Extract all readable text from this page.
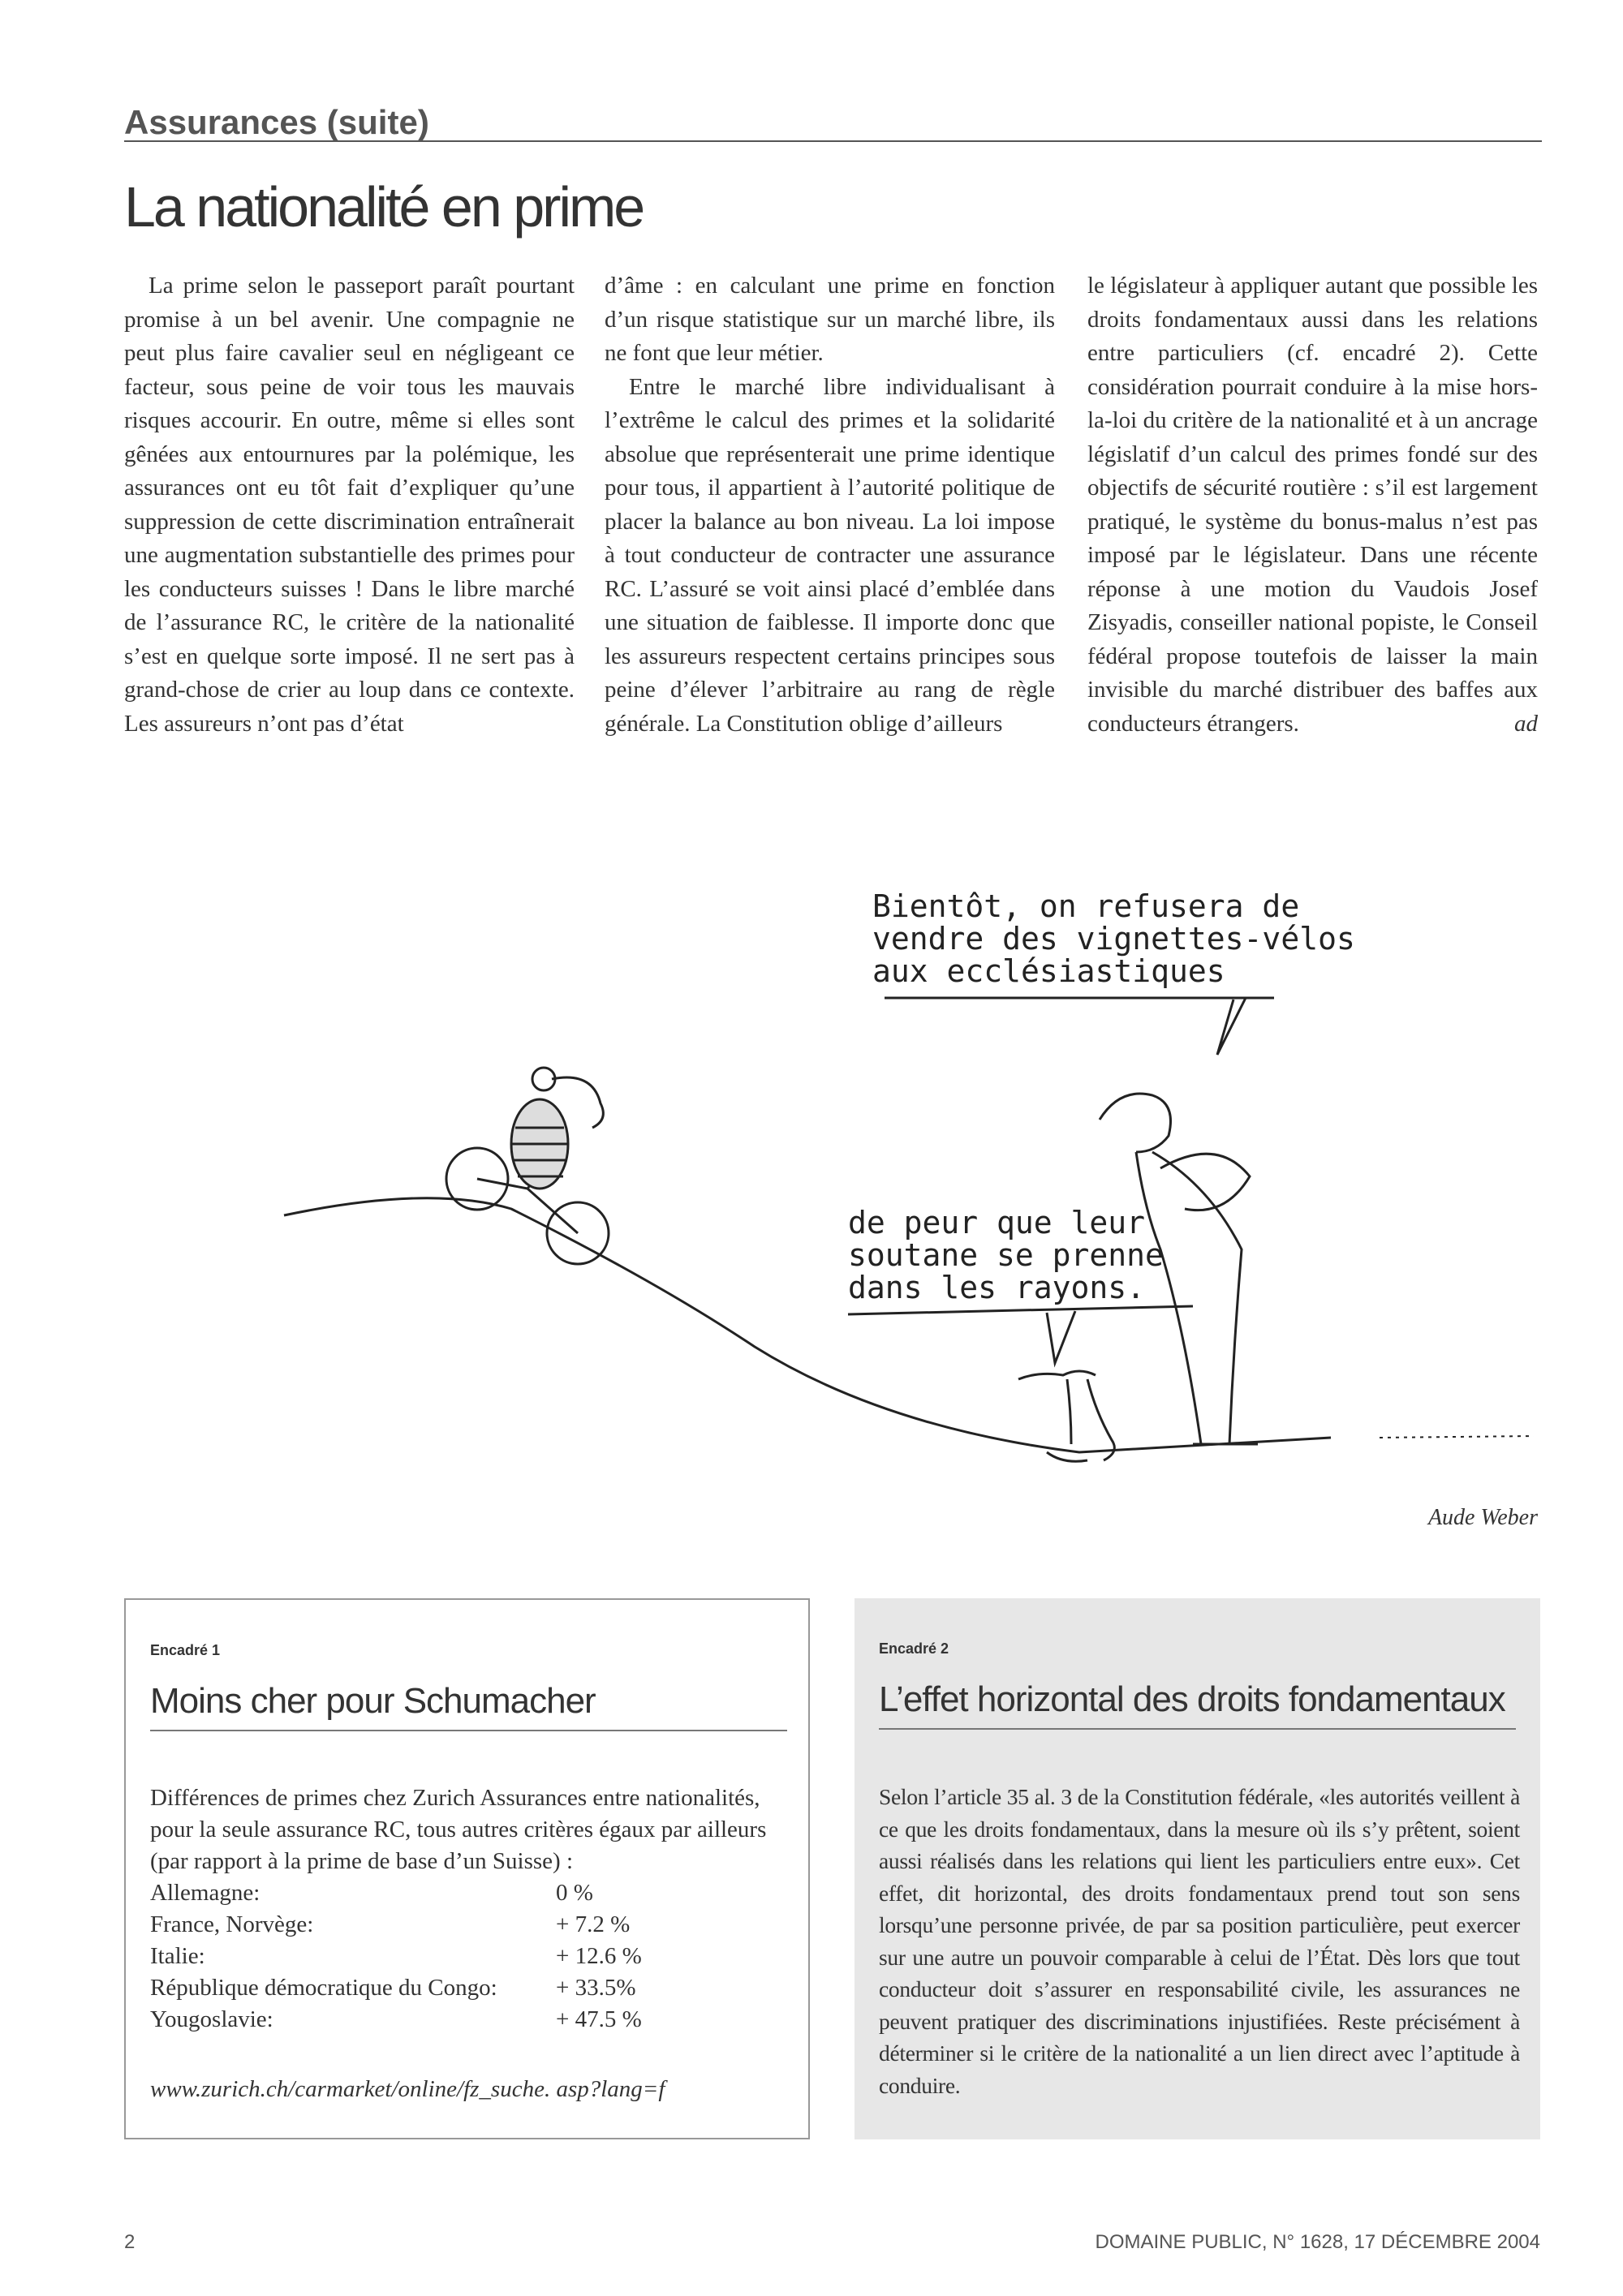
Assurances (suite)
La nationalité en prime

La prime selon le passeport paraît pourtant promise à un bel avenir. Une compagnie ne peut plus faire cavalier seul en négligeant ce facteur, sous peine de voir tous les mauvais risques accourir. En outre, même si elles sont gênées aux entournures par la polémique, les assurances ont eu tôt fait d’expliquer qu’une suppression de cette discrimination entraînerait une augmentation substantielle des primes pour les conducteurs suisses ! Dans le libre marché de l’assurance RC, le critère de la nationalité s’est en quelque sorte imposé. Il ne sert pas à grand-chose de crier au loup dans ce contexte. Les assureurs n’ont pas d’état

d’âme : en calculant une prime en fonction d’un risque statistique sur un marché libre, ils ne font que leur métier.

Entre le marché libre individualisant à l’extrême le calcul des primes et la solidarité absolue que représenterait une prime identique pour tous, il appartient à l’autorité politique de placer la balance au bon niveau. La loi impose à tout conducteur de contracter une assurance RC. L’assuré se voit ainsi placé d’emblée dans une situation de faiblesse. Il importe donc que les assureurs respectent certains principes sous peine d’élever l’arbitraire au rang de règle générale. La Constitution oblige d’ailleurs

le législateur à appliquer autant que possible les droits fondamentaux aussi dans les relations entre particuliers (cf. encadré 2). Cette considération pourrait conduire à la mise hors-la-loi du critère de la nationalité et à un ancrage législatif d’un calcul des primes fondé sur des objectifs de sécurité routière : s’il est largement pratiqué, le système du bonus-malus n’est pas imposé par le législateur. Dans une récente réponse à une motion du Vaudois Josef Zisyadis, conseiller national popiste, le Conseil fédéral propose toutefois de laisser la main invisible du marché distribuer des baffes aux conducteurs étrangers.	ad

Bientôt, on refusera de
vendre des vignettes-vélos
aux ecclésiastiques
de peur que leur
soutane se prenne
dans les rayons.
Aude Weber
Encadré 1
Moins cher pour Schumacher
Différences de primes chez Zurich Assurances entre nationalités, pour la seule assurance RC, tous autres critères égaux par ailleurs (par rapport à la prime de base d’un Suisse) :
Allemagne:	0 %
France, Norvège:	+ 7.2 %
Italie:	+ 12.6 %
République démocratique du Congo:	+ 33.5%
Yougoslavie:	+ 47.5 %
www.zurich.ch/carmarket/online/fz_suche. asp?lang=f
Encadré 2
L’effet horizontal des droits fondamentaux
Selon l’article 35 al. 3 de la Constitution fédérale, «les autorités veillent à ce que les droits fondamentaux, dans la mesure où ils s’y prêtent, soient aussi réalisés dans les relations qui lient les particuliers entre eux». Cet effet, dit horizontal, des droits fondamentaux prend tout son sens lorsqu’une personne privée, de par sa position particulière, peut exercer sur une autre un pouvoir comparable à celui de l’État. Dès lors que tout conducteur doit s’assurer en responsabilité civile, les assurances ne peuvent pratiquer des discriminations injustifiées. Reste précisément à déterminer si le critère de la nationalité a un lien direct avec l’aptitude à conduire.
2	DOMAINE PUBLIC, N° 1628, 17 DÉCEMBRE 2004
